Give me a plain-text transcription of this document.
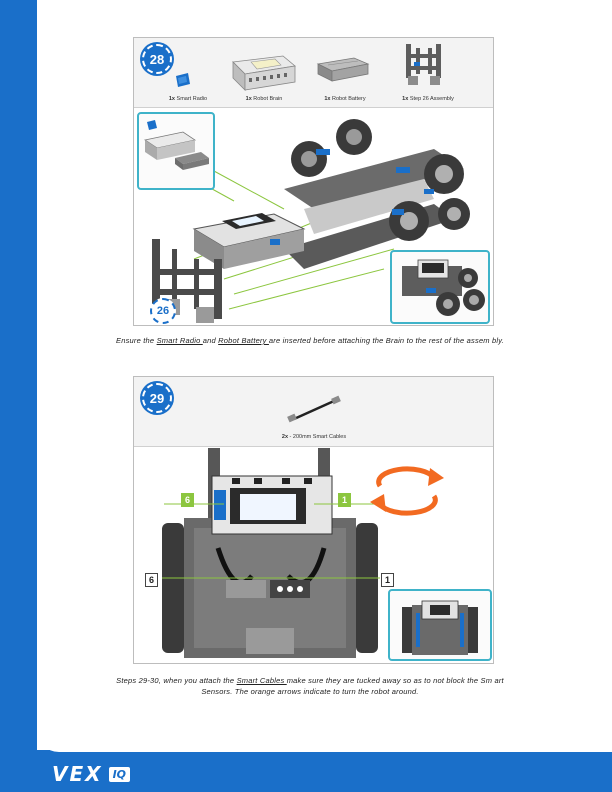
28
1x Smart Radio	1x Robot Brain	1x Robot Battery	1x Step 26 Assembly
26
Ensure the Smart Radio and Robot Battery are inserted before attaching the Brain to the rest of the assem bly.
29
2x - 200mm Smart Cables
6	1
6	1
Steps 29-30, when you attach the Smart Cables make sure they are tucked away so as to not block the Sm art
Sensors. The orange arrows indicate to turn the robot around.
VEX IQ
